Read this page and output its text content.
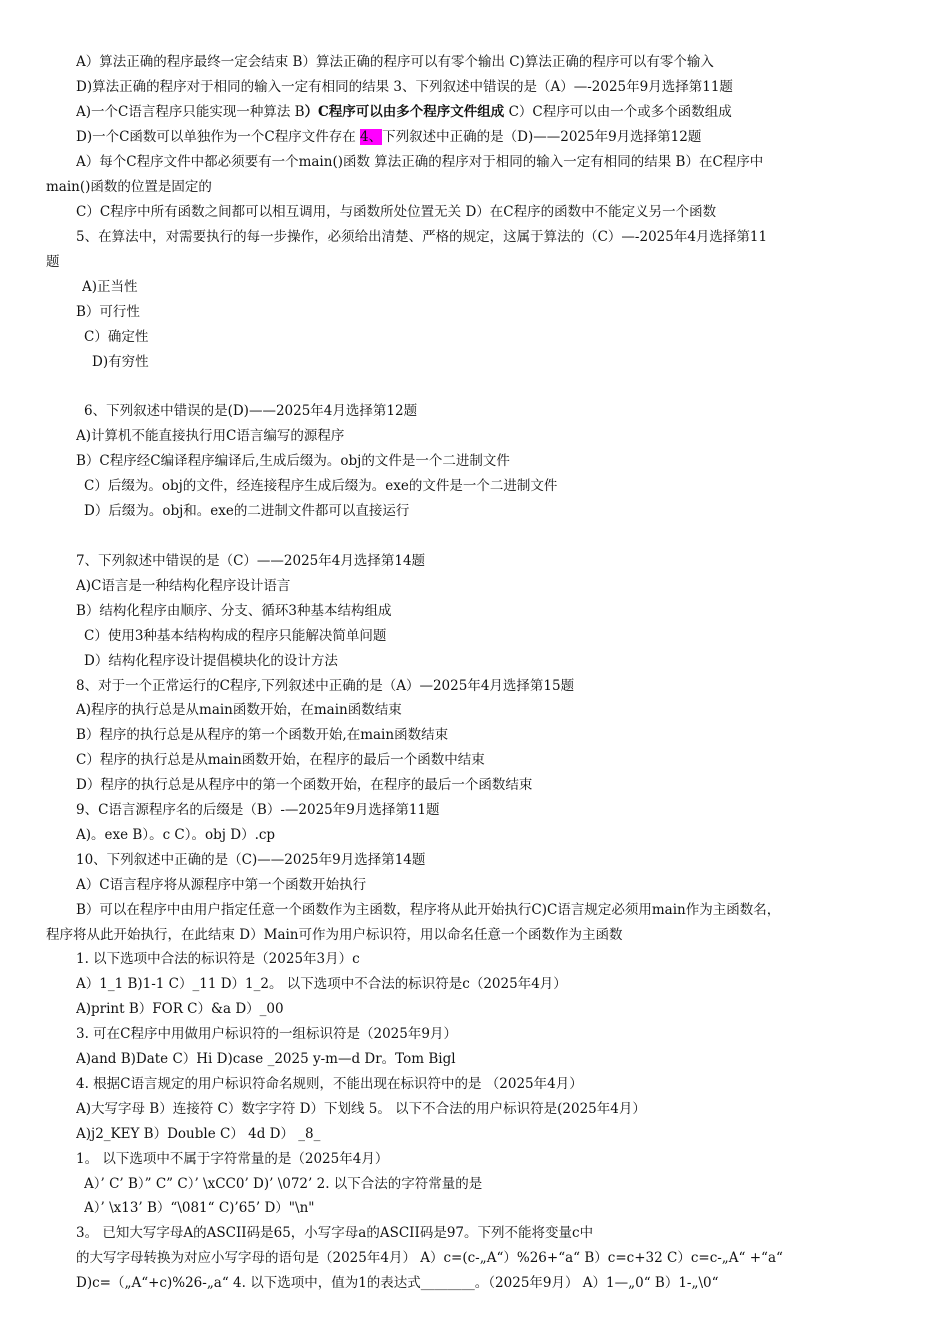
A）算法正确的程序最终一定会结束 B）算法正确的程序可以有零个输出 C)算法正确的程序可以有零个输入
D)算法正确的程序对于相同的输入一定有相同的结果 3、下列叙述中错误的是（A）—-2025年9月选择第11题
A)一个C语言程序只能实现一种算法 B）C程序可以由多个程序文件组成 C）C程序可以由一个或多个函数组成
D)一个C函数可以单独作为一个C程序文件存在 4、下列叙述中正确的是（D)——2025年9月选择第12题
A）每个C程序文件中都必须要有一个main()函数 算法正确的程序对于相同的输入一定有相同的结果 B）在C程序中
main()函数的位置是固定的
C）C程序中所有函数之间都可以相互调用，与函数所处位置无关 D）在C程序的函数中不能定义另一个函数
5、在算法中，对需要执行的每一步操作，必须给出清楚、严格的规定，这属于算法的（C）—-2025年4月选择第11
题
A)正当性
B）可行性
C）确定性
D)有穷性
6、下列叙述中错误的是(D)——2025年4月选择第12题
A)计算机不能直接执行用C语言编写的源程序
B）C程序经C编译程序编译后,生成后缀为。obj的文件是一个二进制文件
C）后缀为。obj的文件，经连接程序生成后缀为。exe的文件是一个二进制文件
D）后缀为。obj和。exe的二进制文件都可以直接运行
7、下列叙述中错误的是（C）——2025年4月选择第14题
A)C语言是一种结构化程序设计语言
B）结构化程序由顺序、分支、循环3种基本结构组成
C）使用3种基本结构构成的程序只能解决简单问题
D）结构化程序设计提倡模块化的设计方法
8、对于一个正常运行的C程序,下列叙述中正确的是（A）—2025年4月选择第15题
A)程序的执行总是从main函数开始，在main函数结束
B）程序的执行总是从程序的第一个函数开始,在main函数结束
C）程序的执行总是从main函数开始，在程序的最后一个函数中结束
D）程序的执行总是从程序中的第一个函数开始，在程序的最后一个函数结束
9、C语言源程序名的后缀是（B）-—2025年9月选择第11题
A)。exe B）。c C）。obj D）.cp
10、下列叙述中正确的是（C)——2025年9月选择第14题
A）C语言程序将从源程序中第一个函数开始执行
B）可以在程序中由用户指定任意一个函数作为主函数，程序将从此开始执行C)C语言规定必须用main作为主函数名，
程序将从此开始执行，在此结束 D）Main可作为用户标识符，用以命名任意一个函数作为主函数
1. 以下选项中合法的标识符是（2025年3月）c
A）1_1 B)1-1 C）_11 D）1_2。 以下选项中不合法的标识符是c（2025年4月）
A)print B）FOR C）&a D）_00
3. 可在C程序中用做用户标识符的一组标识符是（2025年9月）
A)and B)Date C）Hi D)case _2025 y-m—d Dr。Tom Bigl
4. 根据C语言规定的用户标识符命名规则，不能出现在标识符中的是 （2025年4月）
A)大写字母 B）连接符 C）数字字符 D）下划线 5。 以下不合法的用户标识符是(2025年4月）
A)j2_KEY B）Double C） 4d D） _8_
1。 以下选项中不属于字符常量的是（2025年4月）
A）’ C’ B）” C” C）’ \xCC0’ D)’ \072’ 2. 以下合法的字符常量的是
A）’ \x13’ B）“\081“ C)’65’ D）"\n"
3。 已知大写字母A的ASCII码是65，小写字母a的ASCII码是97。下列不能将变量c中
的大写字母转换为对应小写字母的语句是（2025年4月） A）c=(c-„A“）%26+“a“ B）c=c+32 C）c=c-„A“ +“a“
D)c=（„A“+c)%26-„a“ 4. 以下选项中，值为1的表达式________。（2025年9月） A）1—„0“ B）1-„\0“
